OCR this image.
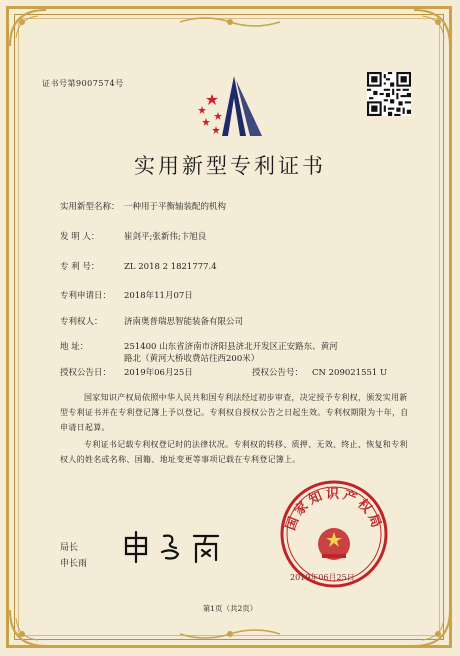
证书号第9007574号
实用新型专利证书
实用新型名称： 一种用于平衡轴装配的机构
发 明 人：	崔剑平;张新伟;卞旭良
专 利 号：	ZL 2018 2 1821777.4
专利申请日：	2018年11月07日
专利权人：	济南奥普瑞思智能装备有限公司
地 址：	251400 山东省济南市济阳县济北开发区正安路东、黄河
路北（黄河大桥收费站往西200米）
授权公告日：	2019年06月25日	授权公告号： CN 209021551 U
国家知识产权局依照中华人民共和国专利法经过初步审查，决定授予专利权，颁发实用新型专利证书并在专利登记簿上予以登记。专利权自授权公告之日起生效。专利权期限为十年，自申请日起算。
专利证书记载专利权登记时的法律状况。专利权的转移、质押、无效、终止、恢复和专利权人的姓名或名称、国籍、地址变更等事项记载在专利登记簿上。
局长
申长雨
国家知识产权局
2019年06月25日
第1页（共2页）
